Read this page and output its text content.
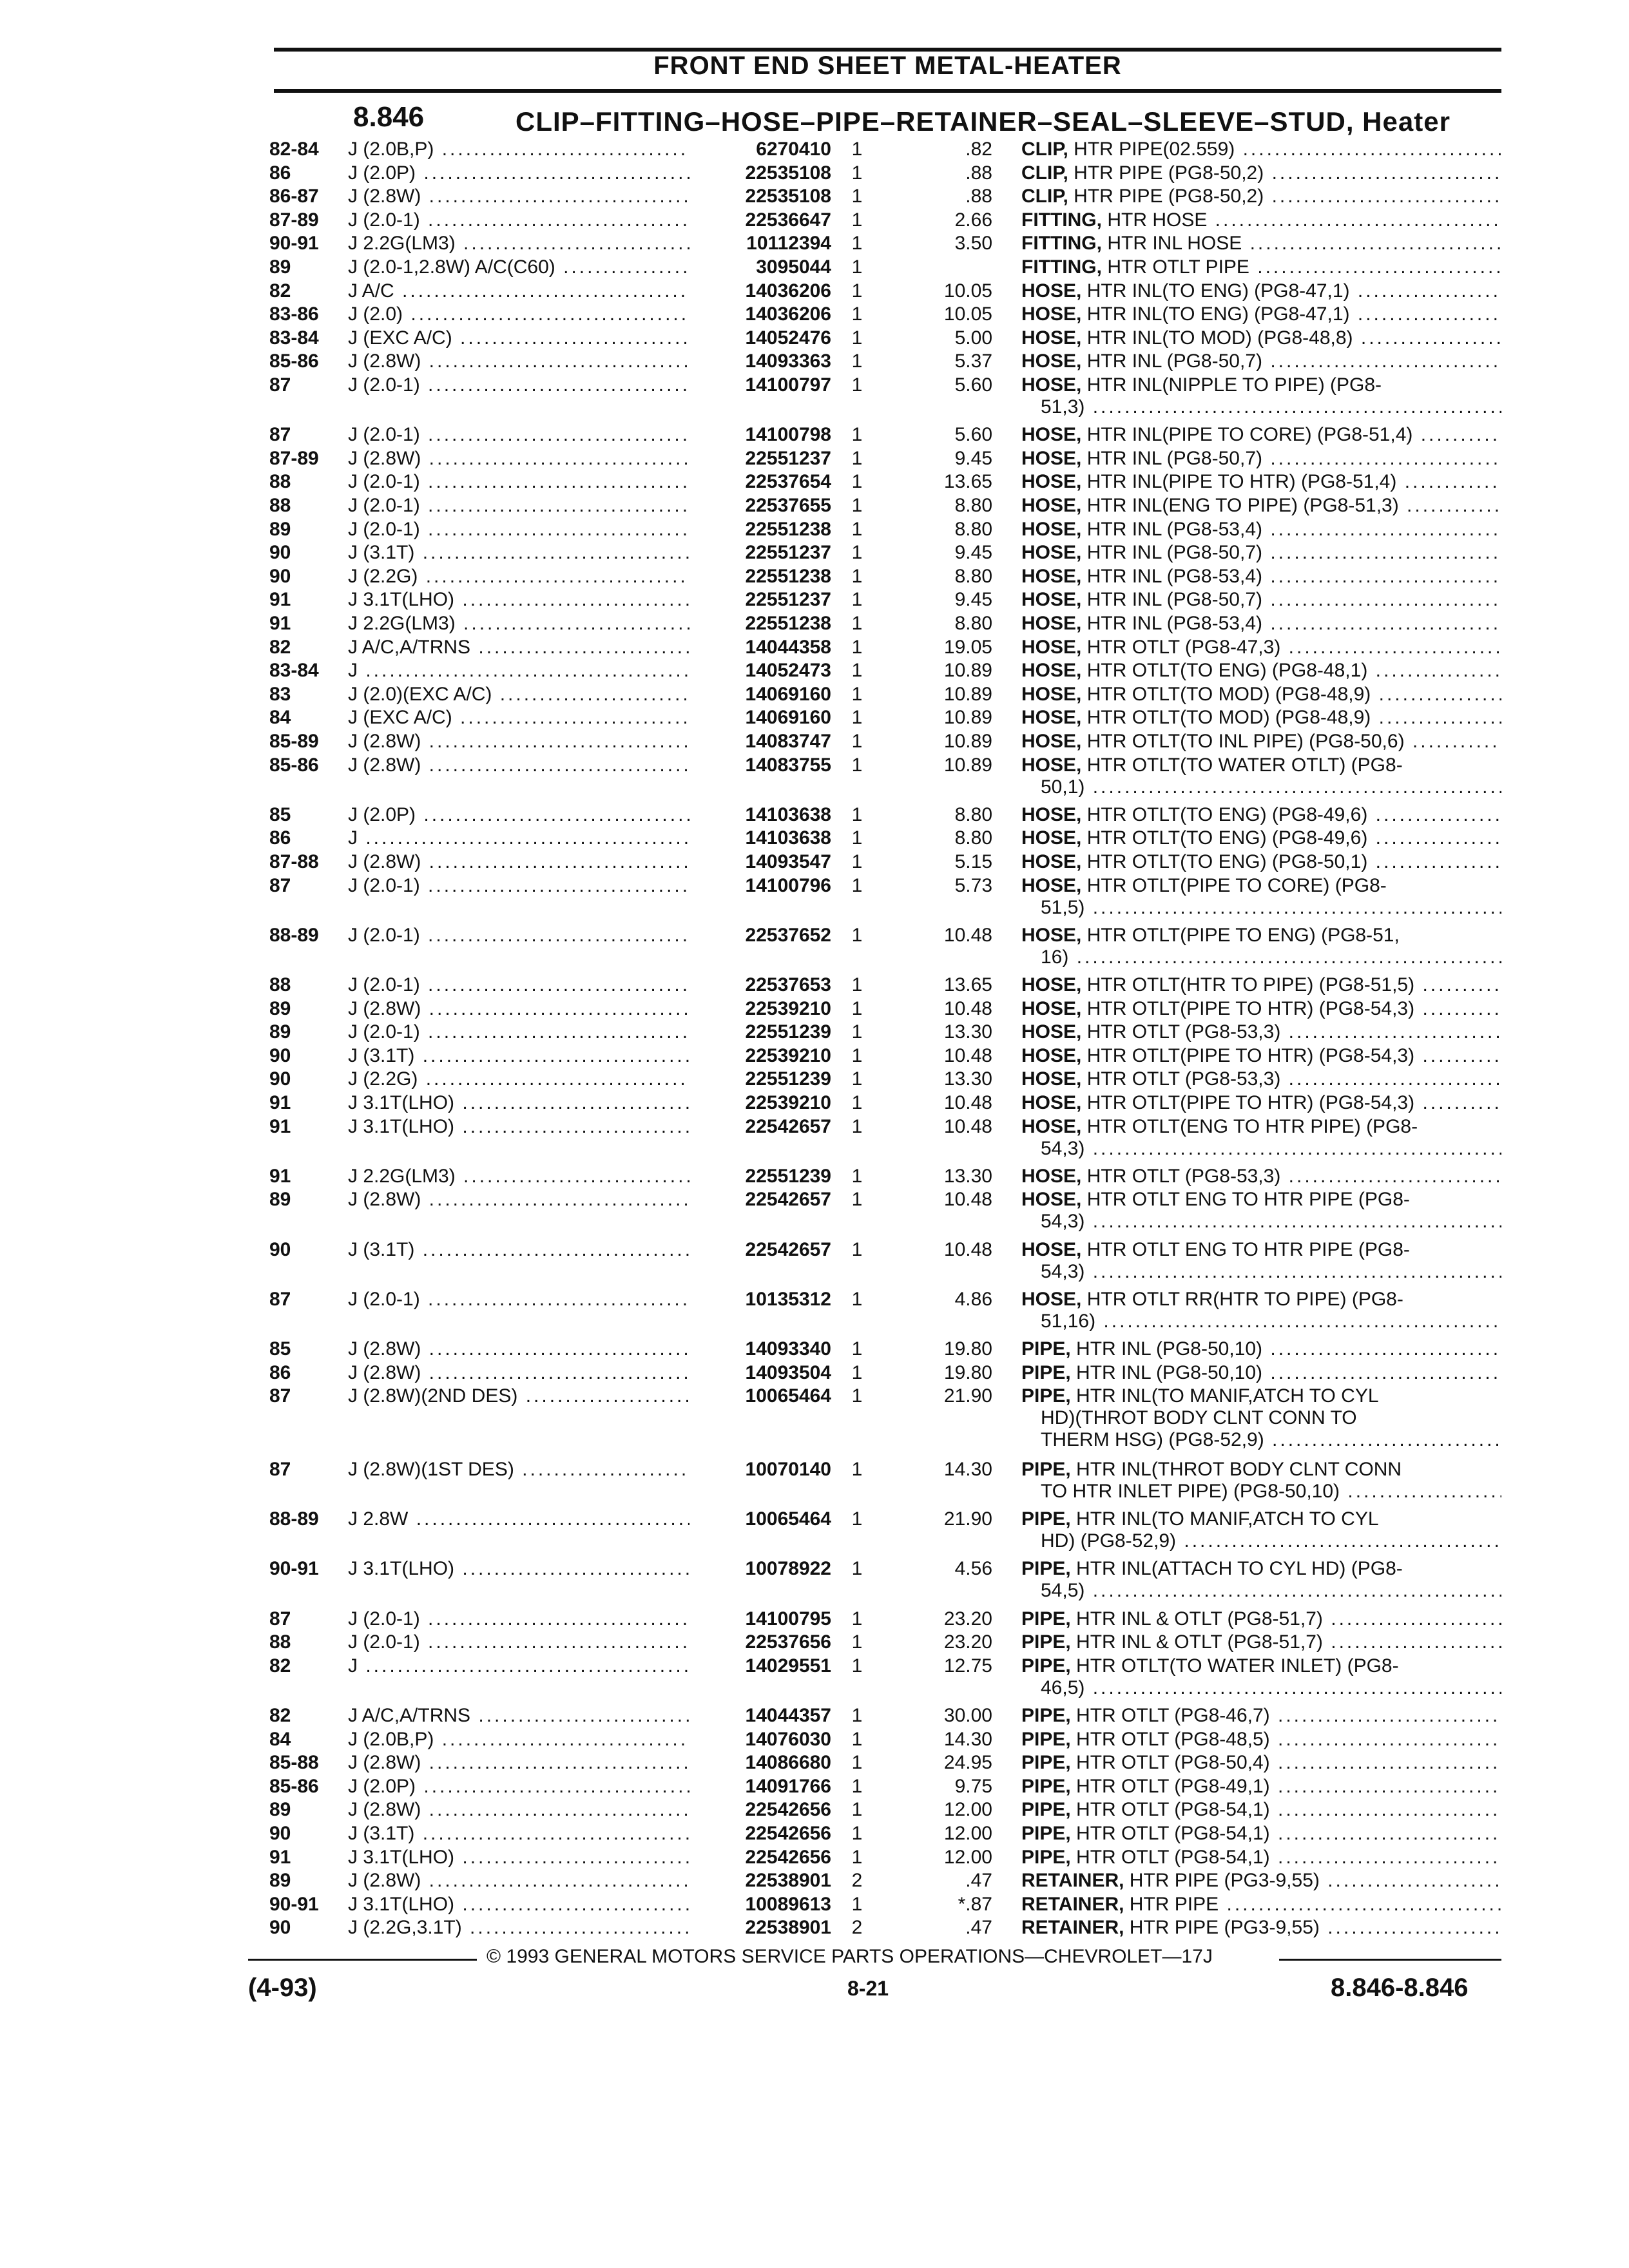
FRONT END SHEET METAL-HEATER
8.846	CLIP–FITTING–HOSE–PIPE–RETAINER–SEAL–SLEEVE–STUD, Heater
82-84 J (2.0B,P) .....	6270410 1	.82 CLIP, HTR PIPE(02.559) .....
86	J (2.0P) .....	22535108 1	.88 CLIP, HTR PIPE (PG8-50,2) .....
86-87 J (2.8W) .....	22535108 1	.88 CLIP, HTR PIPE (PG8-50,2) .....
87-89 J (2.0-1) .....	22536647 1	2.66 FITTING, HTR HOSE .....
90-91 J 2.2G(LM3) .....	10112394 1	3.50 FITTING, HTR INL HOSE .....
89	J (2.0-1,2.8W) A/C(C60) .....	3095044 1	FITTING, HTR OTLT PIPE .....
82	J A/C .....	14036206 1	10.05 HOSE, HTR INL(TO ENG) (PG8-47,1) .....
83-86 J (2.0) .....	14036206 1	10.05 HOSE, HTR INL(TO ENG) (PG8-47,1) .....
83-84 J (EXC A/C) .....	14052476 1	5.00 HOSE, HTR INL(TO MOD) (PG8-48,8) .....
85-86 J (2.8W) .....	14093363 1	5.37 HOSE, HTR INL (PG8-50,7) .....
87	J (2.0-1) .....	14100797 1	5.60 HOSE, HTR INL(NIPPLE TO PIPE) (PG8-
51,3) .....
87	J (2.0-1) .....	14100798 1	5.60 HOSE, HTR INL(PIPE TO CORE) (PG8-51,4) .....
87-89 J (2.8W) .....	22551237 1	9.45 HOSE, HTR INL (PG8-50,7) .....
88	J (2.0-1) .....	22537654 1	13.65 HOSE, HTR INL(PIPE TO HTR) (PG8-51,4) .....
88	J (2.0-1) .....	22537655 1	8.80 HOSE, HTR INL(ENG TO PIPE) (PG8-51,3) .....
89	J (2.0-1) .....	22551238 1	8.80 HOSE, HTR INL (PG8-53,4) .....
90	J (3.1T) .....	22551237 1	9.45 HOSE, HTR INL (PG8-50,7) .....
90	J (2.2G) .....	22551238 1	8.80 HOSE, HTR INL (PG8-53,4) .....
91	J 3.1T(LHO) .....	22551237 1	9.45 HOSE, HTR INL (PG8-50,7) .....
91	J 2.2G(LM3) .....	22551238 1	8.80 HOSE, HTR INL (PG8-53,4) .....
82	J A/C,A/TRNS .....	14044358 1	19.05 HOSE, HTR OTLT (PG8-47,3) .....
83-84 J .....	14052473 1	10.89 HOSE, HTR OTLT(TO ENG) (PG8-48,1) .....
83	J (2.0)(EXC A/C) .....	14069160 1	10.89 HOSE, HTR OTLT(TO MOD) (PG8-48,9) .....
84	J (EXC A/C) .....	14069160 1	10.89 HOSE, HTR OTLT(TO MOD) (PG8-48,9) .....
85-89 J (2.8W) .....	14083747 1	10.89 HOSE, HTR OTLT(TO INL PIPE) (PG8-50,6) .....
85-86 J (2.8W) .....	14083755 1	10.89 HOSE, HTR OTLT(TO WATER OTLT) (PG8-
50,1) .....
85	J (2.0P) .....	14103638 1	8.80 HOSE, HTR OTLT(TO ENG) (PG8-49,6) .....
86	J .....	14103638 1	8.80 HOSE, HTR OTLT(TO ENG) (PG8-49,6) .....
87-88 J (2.8W) .....	14093547 1	5.15 HOSE, HTR OTLT(TO ENG) (PG8-50,1) .....
87	J (2.0-1) .....	14100796 1	5.73 HOSE, HTR OTLT(PIPE TO CORE) (PG8-
51,5) .....
88-89 J (2.0-1) .....	22537652 1	10.48 HOSE, HTR OTLT(PIPE TO ENG) (PG8-51,
16) .....
88	J (2.0-1) .....	22537653 1	13.65 HOSE, HTR OTLT(HTR TO PIPE) (PG8-51,5) .....
89	J (2.8W) .....	22539210 1	10.48 HOSE, HTR OTLT(PIPE TO HTR) (PG8-54,3) .....
89	J (2.0-1) .....	22551239 1	13.30 HOSE, HTR OTLT (PG8-53,3) .....
90	J (3.1T) .....	22539210 1	10.48 HOSE, HTR OTLT(PIPE TO HTR) (PG8-54,3) .....
90	J (2.2G) .....	22551239 1	13.30 HOSE, HTR OTLT (PG8-53,3) .....
91	J 3.1T(LHO) .....	22539210 1	10.48 HOSE, HTR OTLT(PIPE TO HTR) (PG8-54,3) .....
91	J 3.1T(LHO) .....	22542657 1	10.48 HOSE, HTR OTLT(ENG TO HTR PIPE) (PG8-
54,3) .....
91	J 2.2G(LM3) .....	22551239 1	13.30 HOSE, HTR OTLT (PG8-53,3) .....
89	J (2.8W) .....	22542657 1	10.48 HOSE, HTR OTLT ENG TO HTR PIPE (PG8-
54,3) .....
90	J (3.1T) .....	22542657 1	10.48 HOSE, HTR OTLT ENG TO HTR PIPE (PG8-
54,3) .....
87	J (2.0-1) .....	10135312 1	4.86 HOSE, HTR OTLT RR(HTR TO PIPE) (PG8-
51,16) .....
85	J (2.8W) .....	14093340 1	19.80 PIPE, HTR INL (PG8-50,10) .....
86	J (2.8W) .....	14093504 1	19.80 PIPE, HTR INL (PG8-50,10) .....
87	J (2.8W)(2ND DES) .....	10065464 1	21.90 PIPE, HTR INL(TO MANIF,ATCH TO CYL
HD)(THROT BODY CLNT CONN TO
THERM HSG) (PG8-52,9) .....
87	J (2.8W)(1ST DES) .....	10070140 1	14.30 PIPE, HTR INL(THROT BODY CLNT CONN
TO HTR INLET PIPE) (PG8-50,10) .....
88-89 J 2.8W .....	10065464 1	21.90 PIPE, HTR INL(TO MANIF,ATCH TO CYL
HD) (PG8-52,9) .....
90-91 J 3.1T(LHO) .....	10078922 1	4.56 PIPE, HTR INL(ATTACH TO CYL HD) (PG8-
54,5) .....
87	J (2.0-1) .....	14100795 1	23.20 PIPE, HTR INL & OTLT (PG8-51,7) .....
88	J (2.0-1) .....	22537656 1	23.20 PIPE, HTR INL & OTLT (PG8-51,7) .....
82	J .....	14029551 1	12.75 PIPE, HTR OTLT(TO WATER INLET) (PG8-
46,5) .....
82	J A/C,A/TRNS .....	14044357 1	30.00 PIPE, HTR OTLT (PG8-46,7) .....
84	J (2.0B,P) .....	14076030 1	14.30 PIPE, HTR OTLT (PG8-48,5) .....
85-88 J (2.8W) .....	14086680 1	24.95 PIPE, HTR OTLT (PG8-50,4) .....
85-86 J (2.0P) .....	14091766 1	9.75 PIPE, HTR OTLT (PG8-49,1) .....
89	J (2.8W) .....	22542656 1	12.00 PIPE, HTR OTLT (PG8-54,1) .....
90	J (3.1T) .....	22542656 1	12.00 PIPE, HTR OTLT (PG8-54,1) .....
91	J 3.1T(LHO) .....	22542656 1	12.00 PIPE, HTR OTLT (PG8-54,1) .....
89	J (2.8W) .....	22538901 2	.47 RETAINER, HTR PIPE (PG3-9,55) .....
90-91 J 3.1T(LHO) .....	10089613 1	*.87 RETAINER, HTR PIPE .....
90	J (2.2G,3.1T) .....	22538901 2	.47 RETAINER, HTR PIPE (PG3-9,55) .....
© 1993 GENERAL MOTORS SERVICE PARTS OPERATIONS—CHEVROLET—17J
(4-93)	8-21	8.846-8.846
